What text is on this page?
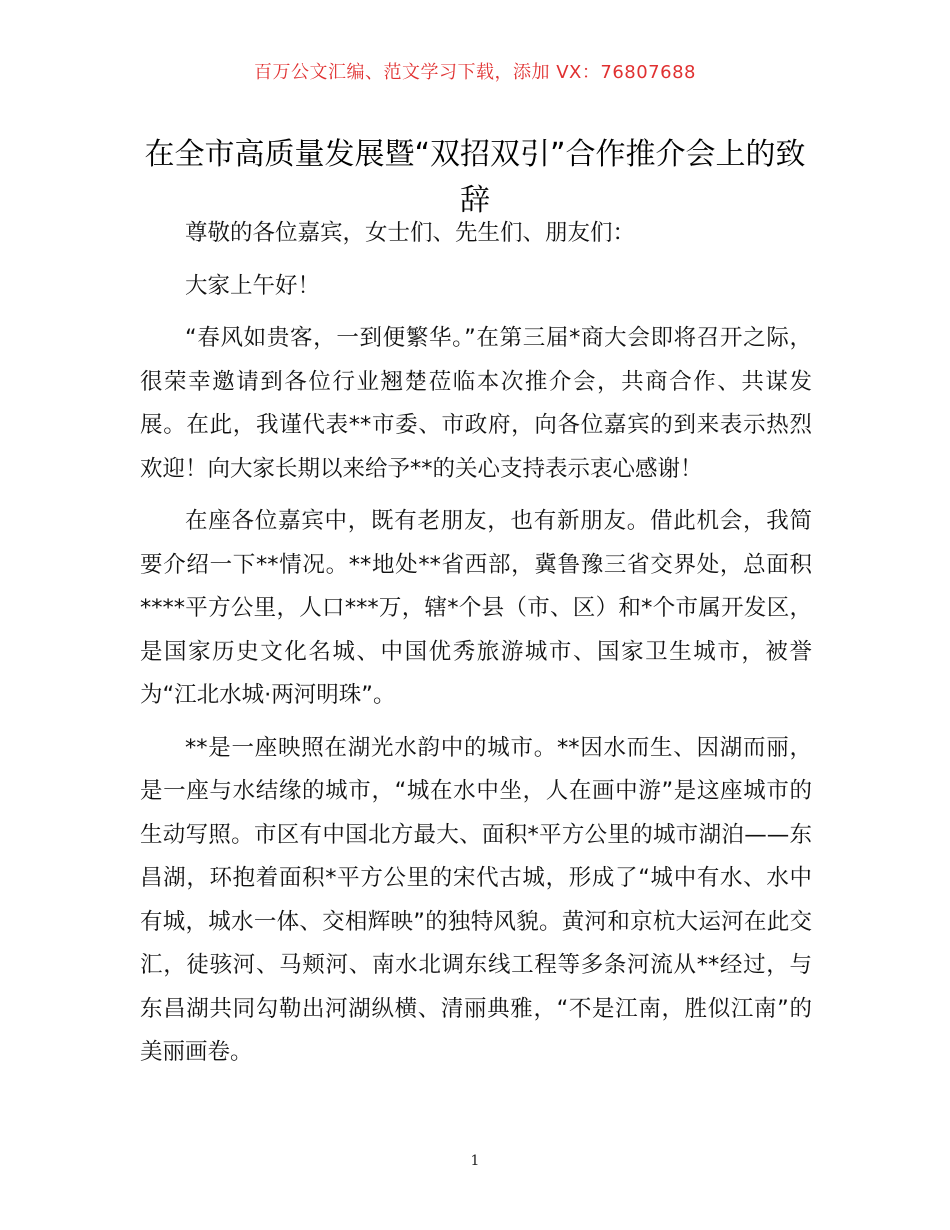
百万公文汇编、范文学习下载，添加 VX：76807688
在全市高质量发展暨“双招双引”合作推介会上的致辞

尊敬的各位嘉宾，女士们、先生们、朋友们：

大家上午好！

“春风如贵客，一到便繁华。”在第三届*商大会即将召开之际，很荣幸邀请到各位行业翘楚莅临本次推介会，共商合作、共谋发展。在此，我谨代表**市委、市政府，向各位嘉宾的到来表示热烈欢迎！向大家长期以来给予**的关心支持表示衷心感谢！

在座各位嘉宾中，既有老朋友，也有新朋友。借此机会，我简要介绍一下**情况。**地处**省西部，冀鲁豫三省交界处，总面积****平方公里，人口***万，辖*个县（市、区）和*个市属开发区，是国家历史文化名城、中国优秀旅游城市、国家卫生城市，被誉为“江北水城·两河明珠”。

**是一座映照在湖光水韵中的城市。**因水而生、因湖而丽，是一座与水结缘的城市，“城在水中坐，人在画中游”是这座城市的生动写照。市区有中国北方最大、面积*平方公里的城市湖泊——东昌湖，环抱着面积*平方公里的宋代古城，形成了“城中有水、水中有城，城水一体、交相辉映”的独特风貌。黄河和京杭大运河在此交汇，徒骇河、马颊河、南水北调东线工程等多条河流从**经过，与东昌湖共同勾勒出河湖纵横、清丽典雅，“不是江南，胜似江南”的美丽画卷。

1
